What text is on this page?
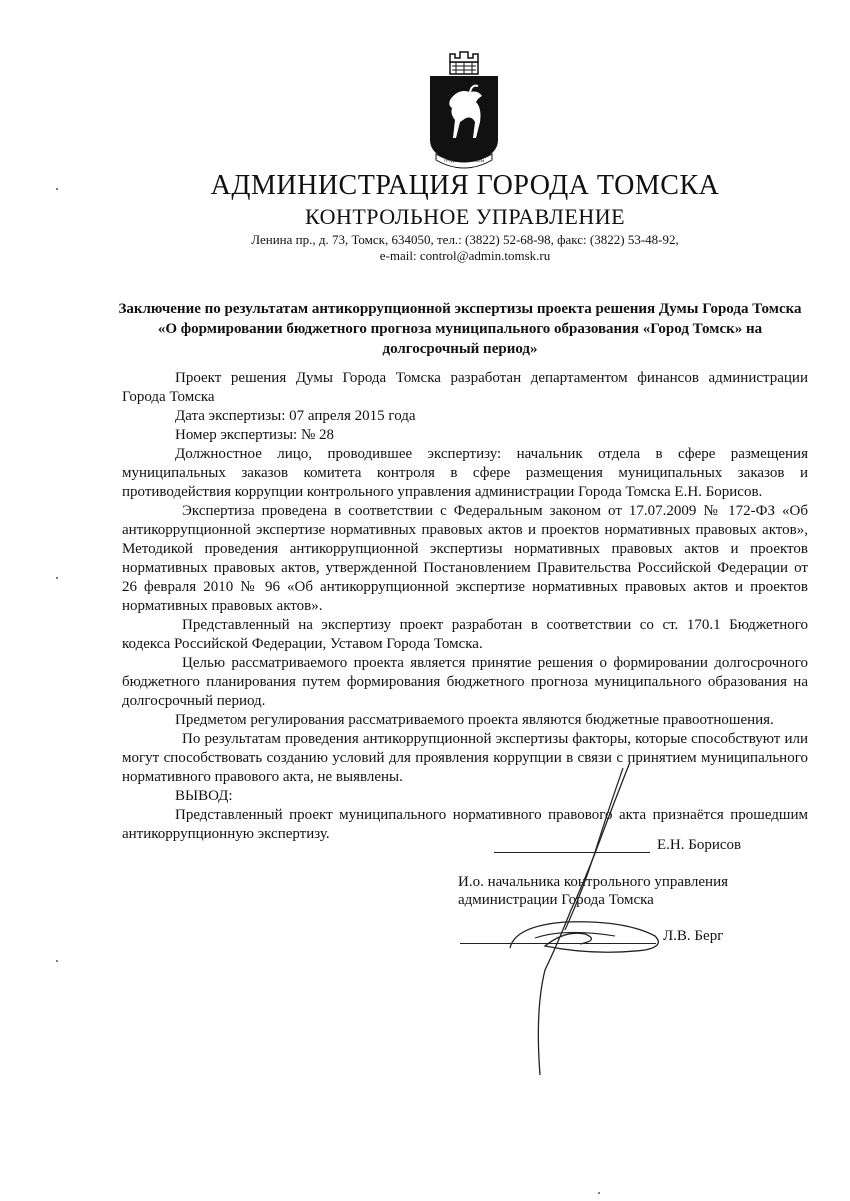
ТРУДОМ и ЗНАНИЕМ
АДМИНИСТРАЦИЯ ГОРОДА ТОМСКА
КОНТРОЛЬНОЕ УПРАВЛЕНИЕ
Ленина пр., д. 73, Томск, 634050, тел.: (3822) 52-68-98, факс: (3822) 53-48-92,
e-mail: control@admin.tomsk.ru
Заключение по результатам антикоррупционной экспертизы проекта решения Думы Города Томска «О формировании бюджетного прогноза муниципального образования «Город Томск» на долгосрочный период»

Проект решения Думы Города Томска разработан департаментом финансов администрации Города Томска

Дата экспертизы: 07 апреля 2015 года

Номер экспертизы: № 28

Должностное лицо, проводившее экспертизу: начальник отдела в сфере размещения муниципальных заказов комитета контроля в сфере размещения муниципальных заказов и противодействия коррупции контрольного управления администрации Города Томска Е.Н. Борисов.

Экспертиза проведена в соответствии с Федеральным законом от 17.07.2009 № 172-ФЗ «Об антикоррупционной экспертизе нормативных правовых актов и проектов нормативных правовых актов», Методикой проведения антикоррупционной экспертизы нормативных правовых актов и проектов нормативных правовых актов, утвержденной Постановлением Правительства Российской Федерации от 26 февраля 2010 № 96 «Об антикоррупционной экспертизе нормативных правовых актов и проектов нормативных правовых актов».

Представленный на экспертизу проект разработан в соответствии со ст. 170.1 Бюджетного кодекса Российской Федерации, Уставом Города Томска.

Целью рассматриваемого проекта является принятие решения о формировании долгосрочного бюджетного планирования путем формирования бюджетного прогноза муниципального образования на долгосрочный период.

Предметом регулирования рассматриваемого проекта являются бюджетные правоотношения.

По результатам проведения антикоррупционной экспертизы факторы, которые способствуют или могут способствовать созданию условий для проявления коррупции в связи с принятием муниципального нормативного правового акта, не выявлены.

ВЫВОД:

Представленный проект муниципального нормативного правового акта признаётся прошедшим антикоррупционную экспертизу.

Е.Н. Борисов
И.о. начальника контрольного управления
администрации Города Томска
Л.В. Берг
